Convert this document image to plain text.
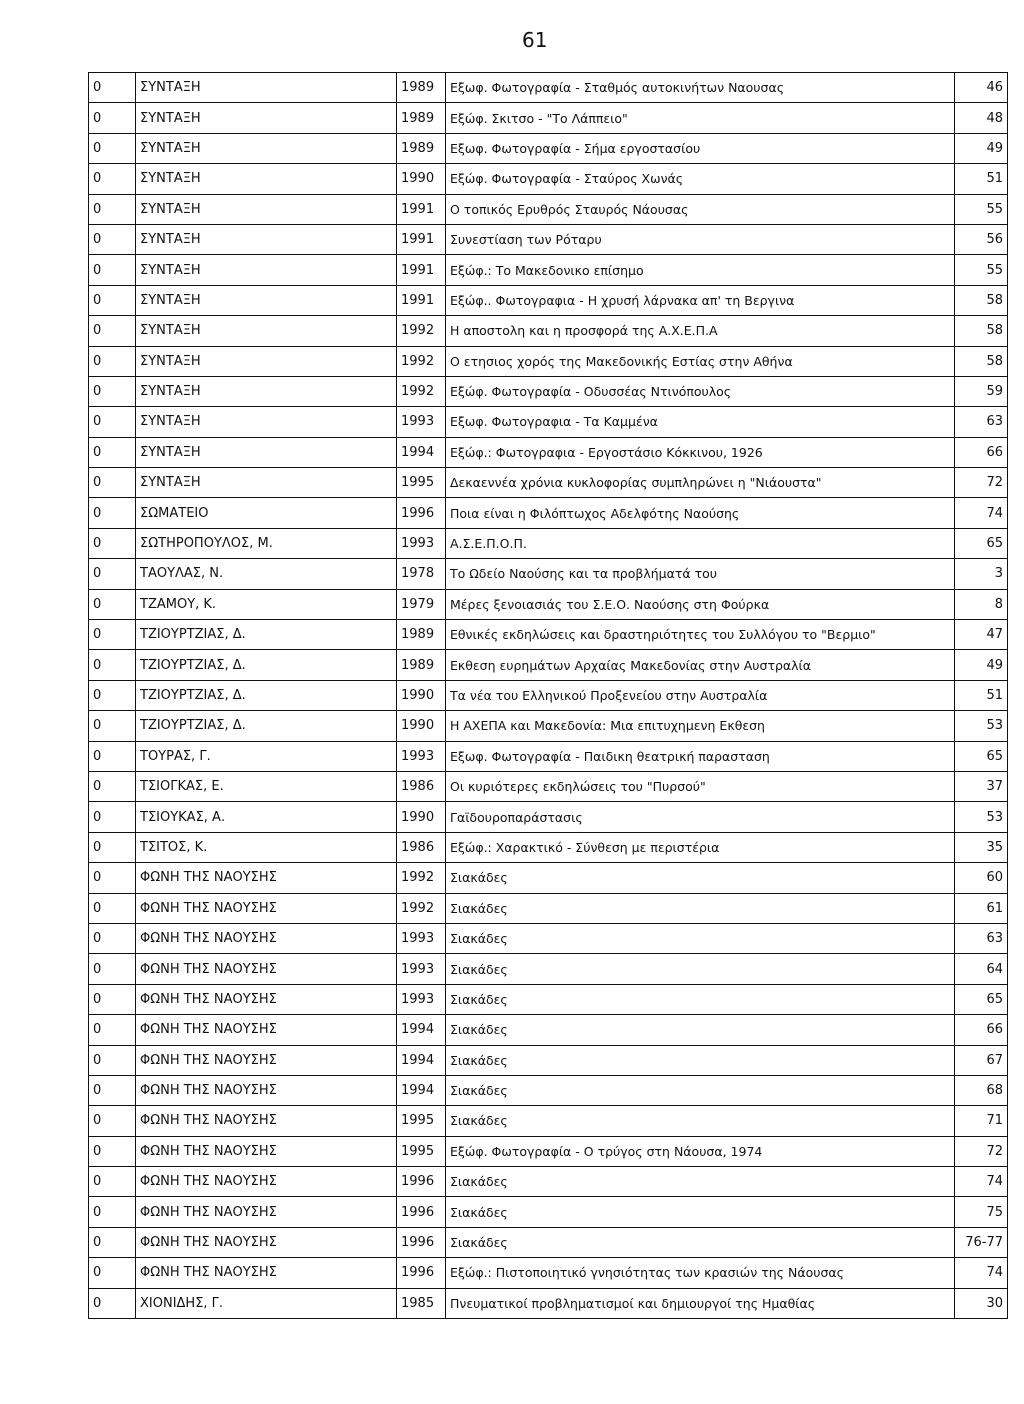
61
0	ΣΥΝΤΑΞΗ	1989	Εξωφ. Φωτογραφία - Σταθμός αυτοκινήτων Ναουσας	46
0	ΣΥΝΤΑΞΗ	1989	Εξώφ. Σκιτσο - "Το Λάππειο"	48
0	ΣΥΝΤΑΞΗ	1989	Εξωφ. Φωτογραφία - Σήμα εργοστασίου	49
0	ΣΥΝΤΑΞΗ	1990	Εξώφ. Φωτογραφία - Σταύρος Χωνάς	51
0	ΣΥΝΤΑΞΗ	1991	Ο τοπικός Ερυθρός Σταυρός Νάουσας	55
0	ΣΥΝΤΑΞΗ	1991	Συνεστίαση των Ρόταρυ	56
0	ΣΥΝΤΑΞΗ	1991	Εξώφ.: Το Μακεδονικο επίσημο	55
0	ΣΥΝΤΑΞΗ	1991	Εξώφ.. Φωτογραφια - Η χρυσή λάρνακα απ' τη Βεργινα	58
0	ΣΥΝΤΑΞΗ	1992	Η αποστολη και η προσφορά της Α.Χ.Ε.Π.Α	58
0	ΣΥΝΤΑΞΗ	1992	Ο ετησιος χορός της Μακεδονικής Εστίας στην Αθήνα	58
0	ΣΥΝΤΑΞΗ	1992	Εξώφ. Φωτογραφία - Οδυσσέας Ντινόπουλος	59
0	ΣΥΝΤΑΞΗ	1993	Εξωφ. Φωτογραφια - Τα Καμμένα	63
0	ΣΥΝΤΑΞΗ	1994	Εξώφ.: Φωτογραφια - Εργοστάσιο Κόκκινου, 1926	66
0	ΣΥΝΤΑΞΗ	1995	Δεκαεννέα χρόνια κυκλοφορίας συμπληρώνει η "Νιάουστα"	72
0	ΣΩΜΑΤΕΙΟ	1996	Ποια είναι η Φιλόπτωχος Αδελφότης Ναούσης	74
0	ΣΩΤΗΡΟΠΟΥΛΟΣ, Μ.	1993	Α.Σ.Ε.Π.Ο.Π.	65
0	ΤΑΟΥΛΑΣ, Ν.	1978	Το Ωδείο Ναούσης και τα προβλήματά του	3
0	ΤΖΑΜΟΥ, Κ.	1979	Μέρες ξενοιασιάς του Σ.Ε.Ο. Ναούσης στη Φούρκα	8
0	ΤΖΙΟΥΡΤΖΙΑΣ, Δ.	1989	Εθνικές εκδηλώσεις και δραστηριότητες του Συλλόγου το "Βερμιο"	47
0	ΤΖΙΟΥΡΤΖΙΑΣ, Δ.	1989	Εκθεση ευρημάτων Αρχαίας Μακεδονίας στην Αυστραλία	49
0	ΤΖΙΟΥΡΤΖΙΑΣ, Δ.	1990	Τα νέα του Ελληνικού Προξενείου στην Αυστραλία	51
0	ΤΖΙΟΥΡΤΖΙΑΣ, Δ.	1990	Η ΑΧΕΠΑ και Μακεδονία: Μια επιτυχημενη Εκθεση	53
0	ΤΟΥΡΑΣ, Γ.	1993	Εξωφ. Φωτογραφία - Παιδικη θεατρική παρασταση	65
0	ΤΣΙΟΓΚΑΣ, Ε.	1986	Οι κυριότερες εκδηλώσεις του "Πυρσού"	37
0	ΤΣΙΟΥΚΑΣ, Α.	1990	Γαϊδουροπαράστασις	53
0	ΤΣΙΤΟΣ, Κ.	1986	Εξώφ.: Χαρακτικό - Σύνθεση με περιστέρια	35
0	ΦΩΝΗ ΤΗΣ ΝΑΟΥΣΗΣ	1992	Σιακάδες	60
0	ΦΩΝΗ ΤΗΣ ΝΑΟΥΣΗΣ	1992	Σιακάδες	61
0	ΦΩΝΗ ΤΗΣ ΝΑΟΥΣΗΣ	1993	Σιακάδες	63
0	ΦΩΝΗ ΤΗΣ ΝΑΟΥΣΗΣ	1993	Σιακάδες	64
0	ΦΩΝΗ ΤΗΣ ΝΑΟΥΣΗΣ	1993	Σιακάδες	65
0	ΦΩΝΗ ΤΗΣ ΝΑΟΥΣΗΣ	1994	Σιακάδες	66
0	ΦΩΝΗ ΤΗΣ ΝΑΟΥΣΗΣ	1994	Σιακάδες	67
0	ΦΩΝΗ ΤΗΣ ΝΑΟΥΣΗΣ	1994	Σιακάδες	68
0	ΦΩΝΗ ΤΗΣ ΝΑΟΥΣΗΣ	1995	Σιακάδες	71
0	ΦΩΝΗ ΤΗΣ ΝΑΟΥΣΗΣ	1995	Εξώφ. Φωτογραφία - Ο τρύγος στη Νάουσα, 1974	72
0	ΦΩΝΗ ΤΗΣ ΝΑΟΥΣΗΣ	1996	Σιακάδες	74
0	ΦΩΝΗ ΤΗΣ ΝΑΟΥΣΗΣ	1996	Σιακάδες	75
0	ΦΩΝΗ ΤΗΣ ΝΑΟΥΣΗΣ	1996	Σιακάδες	76-77
0	ΦΩΝΗ ΤΗΣ ΝΑΟΥΣΗΣ	1996	Εξώφ.: Πιστοποιητικό γνησιότητας των κρασιών της Νάουσας	74
0	ΧΙΟΝΙΔΗΣ, Γ.	1985	Πνευματικοί προβληματισμοί και δημιουργοί της Ημαθίας	30
